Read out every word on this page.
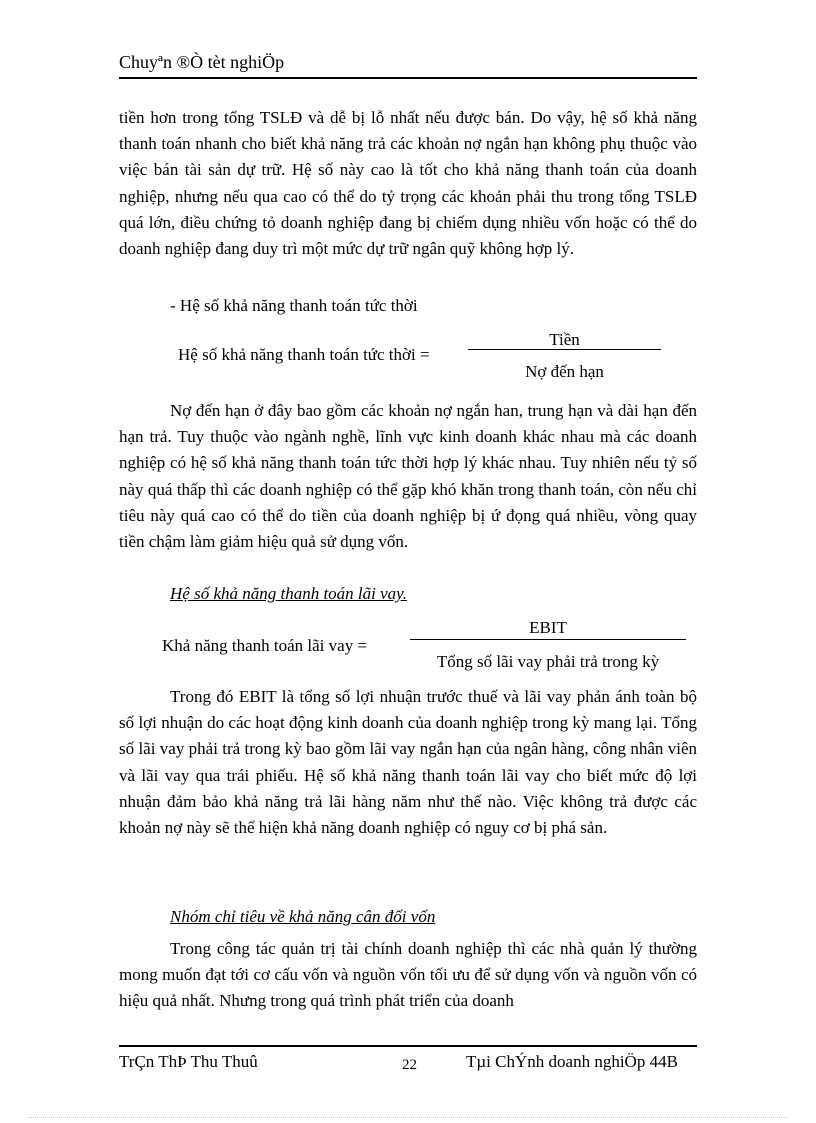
Chuyªn ®Ò tèt nghiÖp

tiền hơn trong tổng TSLĐ và dễ bị lỗ nhất nếu được bán. Do vậy, hệ số khả năng thanh toán nhanh cho biết khả năng trả các khoản nợ ngắn hạn không phụ thuộc vào việc bán tài sản dự trữ. Hệ số này cao là tốt cho khả năng thanh toán của doanh nghiệp, nhưng nếu qua cao có thể do tỷ trọng các khoản phải thu trong tổng TSLĐ quá lớn, điều chứng tỏ doanh nghiệp đang bị chiếm dụng nhiều vốn hoặc có thể do doanh nghiệp đang duy trì một mức dự trữ ngân quỹ không hợp lý.

- Hệ số khả năng thanh toán tức thời
Hệ số khả năng thanh toán tức thời =
Tiền
Nợ đến hạn

Nợ đến hạn ở đây bao gồm các khoản nợ ngắn han, trung hạn và dài hạn đến hạn trả. Tuy thuộc vào ngành nghề, lĩnh vực kinh doanh khác nhau mà các doanh nghiệp có hệ số khả năng thanh toán tức thời hợp lý khác nhau. Tuy nhiên nếu tỷ số này quá thấp thì các doanh nghiệp có thể gặp khó khăn trong thanh toán, còn nếu chỉ tiêu này quá cao có thể do tiền của doanh nghiệp bị ứ đọng quá nhiều, vòng quay tiền chậm làm giảm hiệu quả sử dụng vốn.

Hệ số khả năng thanh toán lãi vay.
Khả năng thanh toán lãi vay =
EBIT
Tổng số lãi vay phải trả trong kỳ

Trong đó EBIT là tổng số lợi nhuận trước thuế và lãi vay phản ánh toàn bộ số lợi nhuận do các hoạt động kinh doanh của doanh nghiệp trong kỳ mang lại. Tổng số lãi vay phải trả trong kỳ bao gồm lãi vay ngắn hạn của ngân hàng, công nhân viên và lãi vay qua trái phiếu. Hệ số khả năng thanh toán lãi vay cho biết mức độ lợi nhuận đảm bảo khả năng trả lãi hàng năm như thế nào. Việc không trả được các khoản nợ này sẽ thể hiện khả năng doanh nghiệp có nguy cơ bị phá sản.

Nhóm chỉ tiêu về khả năng cân đối vốn

Trong công tác quản trị tài chính doanh nghiệp thì các nhà quản lý thường mong muốn đạt tới cơ cấu vốn và nguồn vốn tối ưu để sử dụng vốn và nguồn vốn có hiệu quả nhất. Nhưng trong quá trình phát triển của doanh

TrÇn ThÞ Thu Thuû	22	Tµi ChÝnh doanh nghiÖp 44B
